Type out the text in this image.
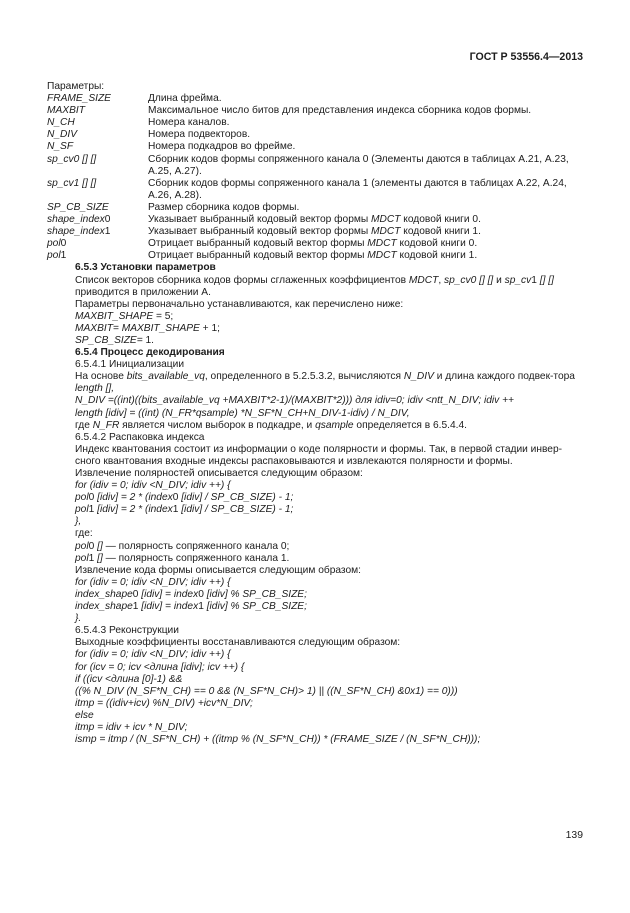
ГОСТ Р 53556.4—2013
Параметры:
FRAME_SIZE	Длина фрейма.
MAXBIT	Максимальное число битов для представления индекса сборника кодов формы.
N_CH	Номера каналов.
N_DIV	Номера подвекторов.
N_SF	Номера подкадров во фрейме.
sp_cv0 [] []	Сборник кодов формы сопряженного канала 0 (Элементы даются в таблицах А.21, А.23, А.25, А.27).
sp_cv1 [] []	Сборник кодов формы сопряженного канала 1 (элементы даются в таблицах А.22, А.24, А.26, А.28).
SP_CB_SIZE	Размер сборника кодов формы.
shape_index0	Указывает выбранный кодовый вектор формы MDCT кодовой книги 0.
shape_index1	Указывает выбранный кодовый вектор формы MDCT кодовой книги 1.
pol0	Отрицает выбранный кодовый вектор формы MDCT кодовой книги 0.
pol1	Отрицает выбранный кодовый вектор формы MDCT кодовой книги 1.
6.5.3 Установки параметров
Список векторов сборника кодов формы сглаженных коэффициентов MDCT, sp_cv0 [] [] и sp_cv1 [] [] приводится в приложении А.
Параметры первоначально устанавливаются, как перечислено ниже:
MAXBIT_SHAPE = 5;
MAXBIT= MAXBIT_SHAPE + 1;
SP_CB_SIZE= 1.
6.5.4 Процесс декодирования
6.5.4.1 Инициализации
На основе bits_available_vq, определенного в 5.2.5.3.2, вычисляются N_DIV и длина каждого подвек-тора length [],
N_DIV =((int)((bits_available_vq +MAXBIT*2-1)/(MAXBIT*2))) для idiv=0; idiv <ntt_N_DIV; idiv ++
length [idiv] = ((int) (N_FR*qsample) *N_SF*N_CH+N_DIV-1-idiv) / N_DIV,
где N_FR является числом выборок в подкадре, и qsample определяется в 6.5.4.4.
6.5.4.2 Распаковка индекса
Индекс квантования состоит из информации о коде полярности и формы. Так, в первой стадии инвер-сного квантования входные индексы распаковываются и извлекаются полярности и формы.
Извлечение полярностей описывается следующим образом:
for (idiv = 0; idiv <N_DIV; idiv ++) {
pol0 [idiv] = 2 * (index0 [idiv] / SP_CB_SIZE) - 1;
pol1 [idiv] = 2 * (index1 [idiv] / SP_CB_SIZE) - 1;
},
где:
pol0 [] — полярность сопряженного канала 0;
pol1 [] — полярность сопряженного канала 1.
Извлечение кода формы описывается следующим образом:
for (idiv = 0; idiv <N_DIV; idiv ++) {
index_shape0 [idiv] = index0 [idiv] % SP_CB_SIZE;
index_shape1 [idiv] = index1 [idiv] % SP_CB_SIZE;
}.
6.5.4.3 Реконструкции
Выходные коэффициенты восстанавливаются следующим образом:
for (idiv = 0; idiv <N_DIV; idiv ++) {
for (icv = 0; icv <длина [idiv]; icv ++) {
if ((icv <длина [0]-1) &&
((% N_DIV (N_SF*N_CH) == 0 && (N_SF*N_CH)> 1) || ((N_SF*N_CH) &0x1) == 0)))
itmp = ((idiv+icv) %N_DIV) +icv*N_DIV;
else
itmp = idiv + icv * N_DIV;
ismp = itmp / (N_SF*N_CH) + ((itmp % (N_SF*N_CH)) * (FRAME_SIZE / (N_SF*N_CH)));
139
